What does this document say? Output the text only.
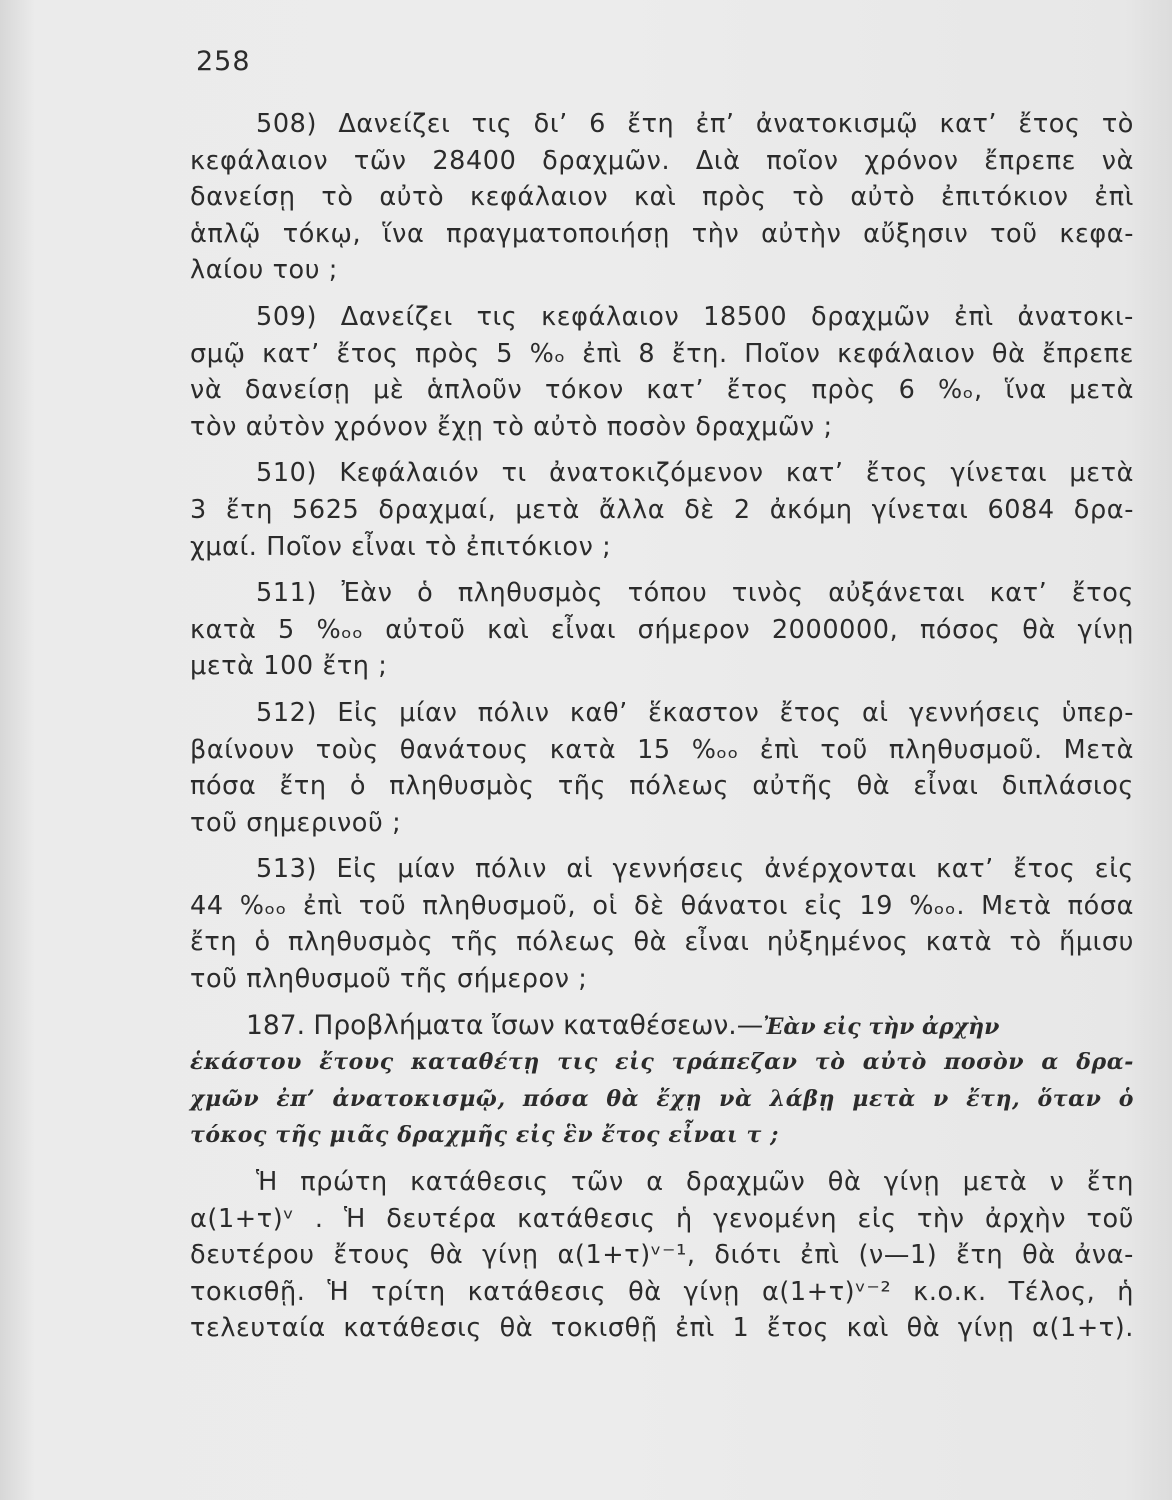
258
508) Δανείζει τις δι’ 6 ἔτη ἐπ’ ἀνατοκισμῷ κατ’ ἔτος τὸ
κεφάλαιον τῶν 28400 δραχμῶν. Διὰ ποῖον χρόνον ἔπρεπε νὰ
δανείσῃ τὸ αὐτὸ κεφάλαιον καὶ πρὸς τὸ αὐτὸ ἐπιτόκιον ἐπὶ
ἁπλῷ τόκῳ, ἵνα πραγματοποιήσῃ τὴν αὐτὴν αὔξησιν τοῦ κεφα-
λαίου του ;
509) Δανείζει τις κεφάλαιον 18500 δραχμῶν ἐπὶ ἀνατοκι-
σμῷ κατ’ ἔτος πρὸς 5 %ₒ ἐπὶ 8 ἔτη. Ποῖον κεφάλαιον θὰ ἔπρεπε
νὰ δανείσῃ μὲ ἁπλοῦν τόκον κατ’ ἔτος πρὸς 6 %ₒ, ἵνα μετὰ
τὸν αὐτὸν χρόνον ἔχῃ τὸ αὐτὸ ποσὸν δραχμῶν ;
510) Κεφάλαιόν τι ἀνατοκιζόμενον κατ’ ἔτος γίνεται μετὰ
3 ἔτη 5625 δραχμαί, μετὰ ἄλλα δὲ 2 ἀκόμη γίνεται 6084 δρα-
χμαί. Ποῖον εἶναι τὸ ἐπιτόκιον ;
511) Ἐὰν ὁ πληθυσμὸς τόπου τινὸς αὐξάνεται κατ’ ἔτος
κατὰ 5 %ₒₒ αὐτοῦ καὶ εἶναι σήμερον 2000000, πόσος θὰ γίνῃ
μετὰ 100 ἔτη ;
512) Εἰς μίαν πόλιν καθ’ ἕκαστον ἔτος αἱ γεννήσεις ὑπερ-
βαίνουν τοὺς θανάτους κατὰ 15 %ₒₒ ἐπὶ τοῦ πληθυσμοῦ. Μετὰ
πόσα ἔτη ὁ πληθυσμὸς τῆς πόλεως αὐτῆς θὰ εἶναι διπλάσιος
τοῦ σημερινοῦ ;
513) Εἰς μίαν πόλιν αἱ γεννήσεις ἀνέρχονται κατ’ ἔτος εἰς
44 %ₒₒ ἐπὶ τοῦ πληθυσμοῦ, οἱ δὲ θάνατοι εἰς 19 %ₒₒ. Μετὰ πόσα
ἔτη ὁ πληθυσμὸς τῆς πόλεως θὰ εἶναι ηὐξημένος κατὰ τὸ ἥμισυ
τοῦ πληθυσμοῦ τῆς σήμερον ;
187. Προβλήματα ἴσων καταθέσεων.—Ἐὰν εἰς τὴν ἀρχὴν
ἑκάστου ἔτους καταθέτῃ τις εἰς τράπεζαν τὸ αὐτὸ ποσὸν α δρα-
χμῶν ἐπ’ ἀνατοκισμῷ, πόσα θὰ ἔχῃ νὰ λάβῃ μετὰ ν ἔτη, ὅταν ὁ
τόκος τῆς μιᾶς δραχμῆς εἰς ἓν ἔτος εἶναι τ ;
Ἡ πρώτη κατάθεσις τῶν α δραχμῶν θὰ γίνῃ μετὰ ν ἔτη
α(1+τ)ᵛ . Ἡ δευτέρα κατάθεσις ἡ γενομένη εἰς τὴν ἀρχὴν τοῦ
δευτέρου ἔτους θὰ γίνῃ α(1+τ)ᵛ⁻¹, διότι ἐπὶ (ν—1) ἔτη θὰ ἀνα-
τοκισθῇ. Ἡ τρίτη κατάθεσις θὰ γίνῃ α(1+τ)ᵛ⁻² κ.ο.κ. Τέλος, ἡ
τελευταία κατάθεσις θὰ τοκισθῇ ἐπὶ 1 ἔτος καὶ θὰ γίνῃ α(1+τ).
